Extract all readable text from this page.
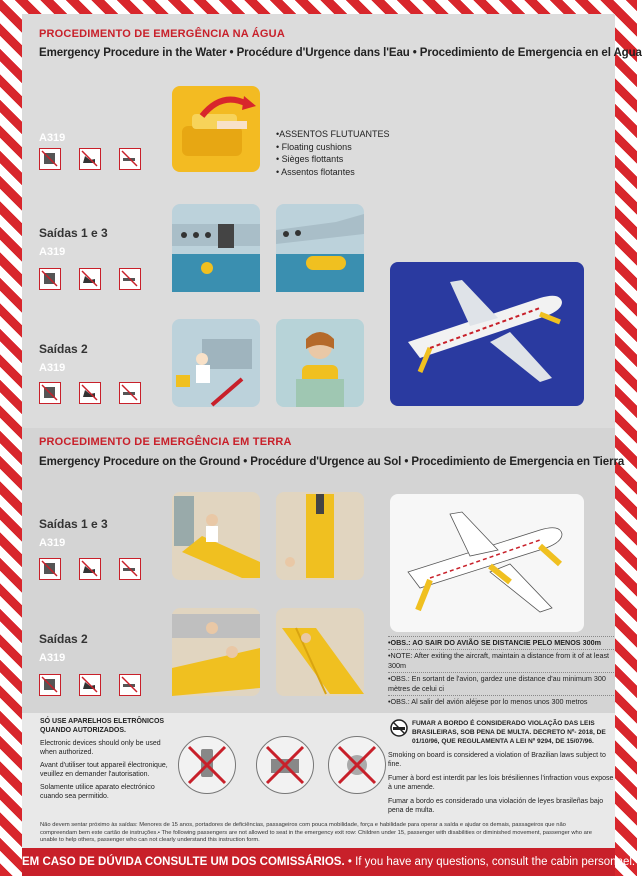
PROCEDIMENTO DE EMERGÊNCIA NA ÁGUA
Emergency Procedure in the Water • Procédure d'Urgence dans l'Eau • Procedimiento de Emergencia en el Agua
A319	•ASSENTOS FLUTUANTES
• Floating cushions
• Sièges flottants
• Assentos flotantes
Saídas 1 e 3
A319
Saídas 2
A319
PROCEDIMENTO DE EMERGÊNCIA EM TERRA
Emergency Procedure on the Ground • Procédure d'Urgence au Sol • Procedimiento de Emergencia en Tierra
Saídas 1 e 3
A319
Saídas 2
A319
•OBS.: AO SAIR DO AVIÃO SE DISTANCIE PELO MENOS 300m
•NOTE: After exiting the aircraft, maintain a distance from it of at least 300m
•OBS.: En sortant de l'avion, gardez une distance d'au minimum 300 mètres de celui ci
•OBS.: Al salir del avión aléjese por lo menos unos 300 metros

SÓ USE APARELHOS ELETRÔNICOS QUANDO AUTORIZADOS.

Electronic devices should only be used when authorized.

Avant d'utiliser tout appareil électronique, veuillez en demander l'autorisation.

Solamente utilice aparato electrónico cuando sea permitido.

FUMAR A BORDO É CONSIDERADO VIOLAÇÃO DAS LEIS BRASILEIRAS, SOB PENA DE MULTA. DECRETO Nº- 2018, DE 01/10/96, QUE REGULAMENTA A LEI Nº 9294, DE 15/07/96.

Smoking on board is considered a violation of Brazilian laws subject to fine.

Fumer à bord est interdit par les lois brésiliennes l'infraction vous expose à une amende.

Fumar a bordo es considerado una violación de leyes brasileñas bajo pena de multa.

Não devem sentar próximo às saídas: Menores de 15 anos, portadores de deficiências, passageiros com pouca mobilidade, força e habilidade para operar a saída e ajudar os demais, passageiros que não compreendam bem este cartão de instruções.• The following passengers are not allowed to seat in the emergency exit row: Children under 15, passenger with disabilities or diminished movement, passenger who are unable to help others, passenger who can not clearly understand this instruction form.
EM CASO DE DÚVIDA CONSULTE UM DOS COMISSÁRIOS. • If you have any questions, consult the cabin personnel.
